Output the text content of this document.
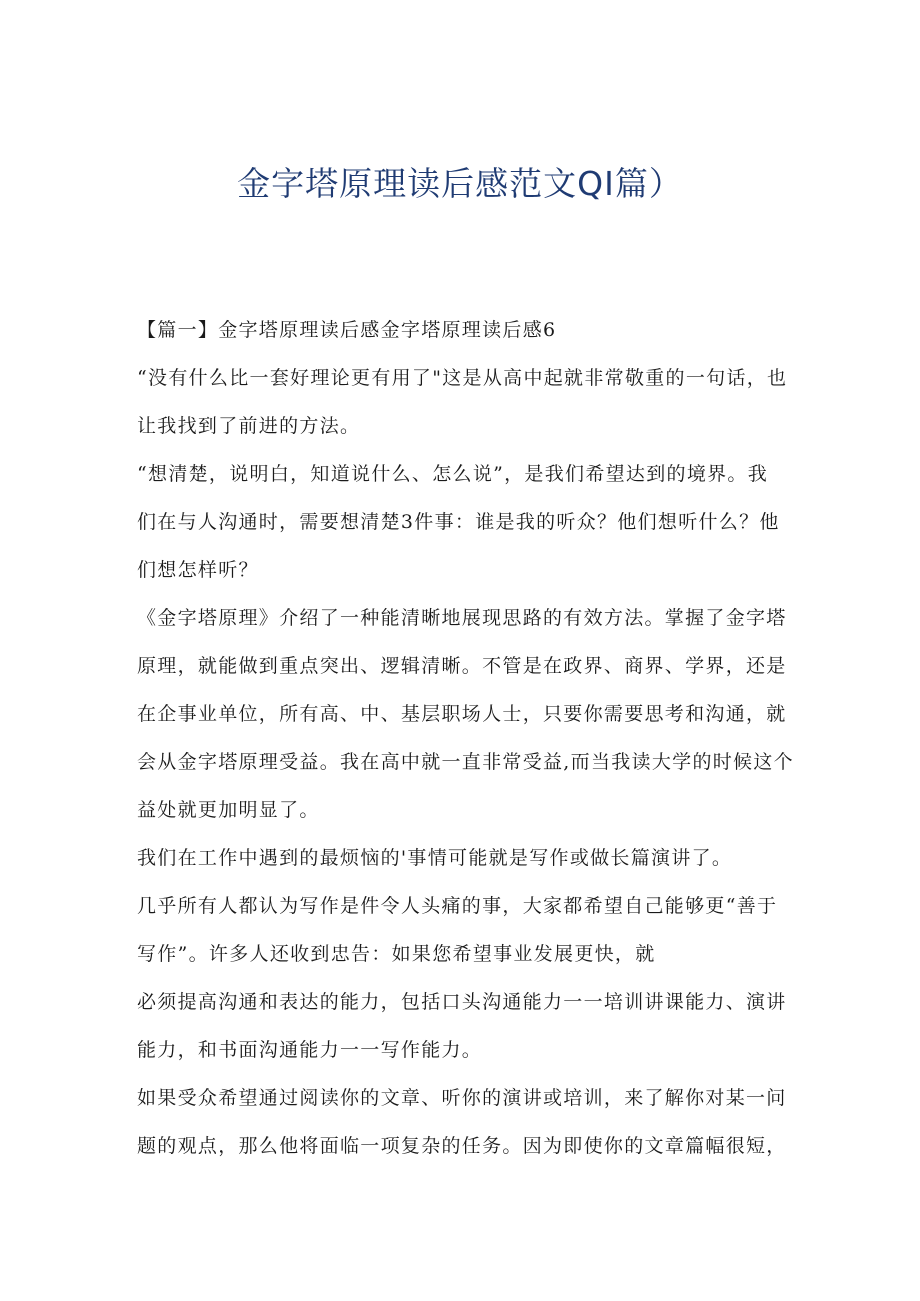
金字塔原理读后感范文QI篇）

【篇一】金字塔原理读后感金字塔原理读后感6

“没有什么比一套好理论更有用了"这是从高中起就非常敬重的一句话，也

让我找到了前进的方法。

“想清楚，说明白，知道说什么、怎么说”，是我们希望达到的境界。我

们在与人沟通时，需要想清楚3件事：谁是我的听众？他们想听什么？他

们想怎样听？

《金字塔原理》介绍了一种能清晰地展现思路的有效方法。掌握了金字塔

原理，就能做到重点突出、逻辑清晰。不管是在政界、商界、学界，还是

在企事业单位，所有高、中、基层职场人士，只要你需要思考和沟通，就

会从金字塔原理受益。我在高中就一直非常受益,而当我读大学的时候这个

益处就更加明显了。

我们在工作中遇到的最烦恼的'事情可能就是写作或做长篇演讲了。

几乎所有人都认为写作是件令人头痛的事，大家都希望自己能够更“善于

写作”。许多人还收到忠告：如果您希望事业发展更快，就

必须提高沟通和表达的能力，包括口头沟通能力一一培训讲课能力、演讲

能力，和书面沟通能力一一写作能力。

如果受众希望通过阅读你的文章、听你的演讲或培训，来了解你对某一问

题的观点，那么他将面临一项复杂的任务。因为即使你的文章篇幅很短，
